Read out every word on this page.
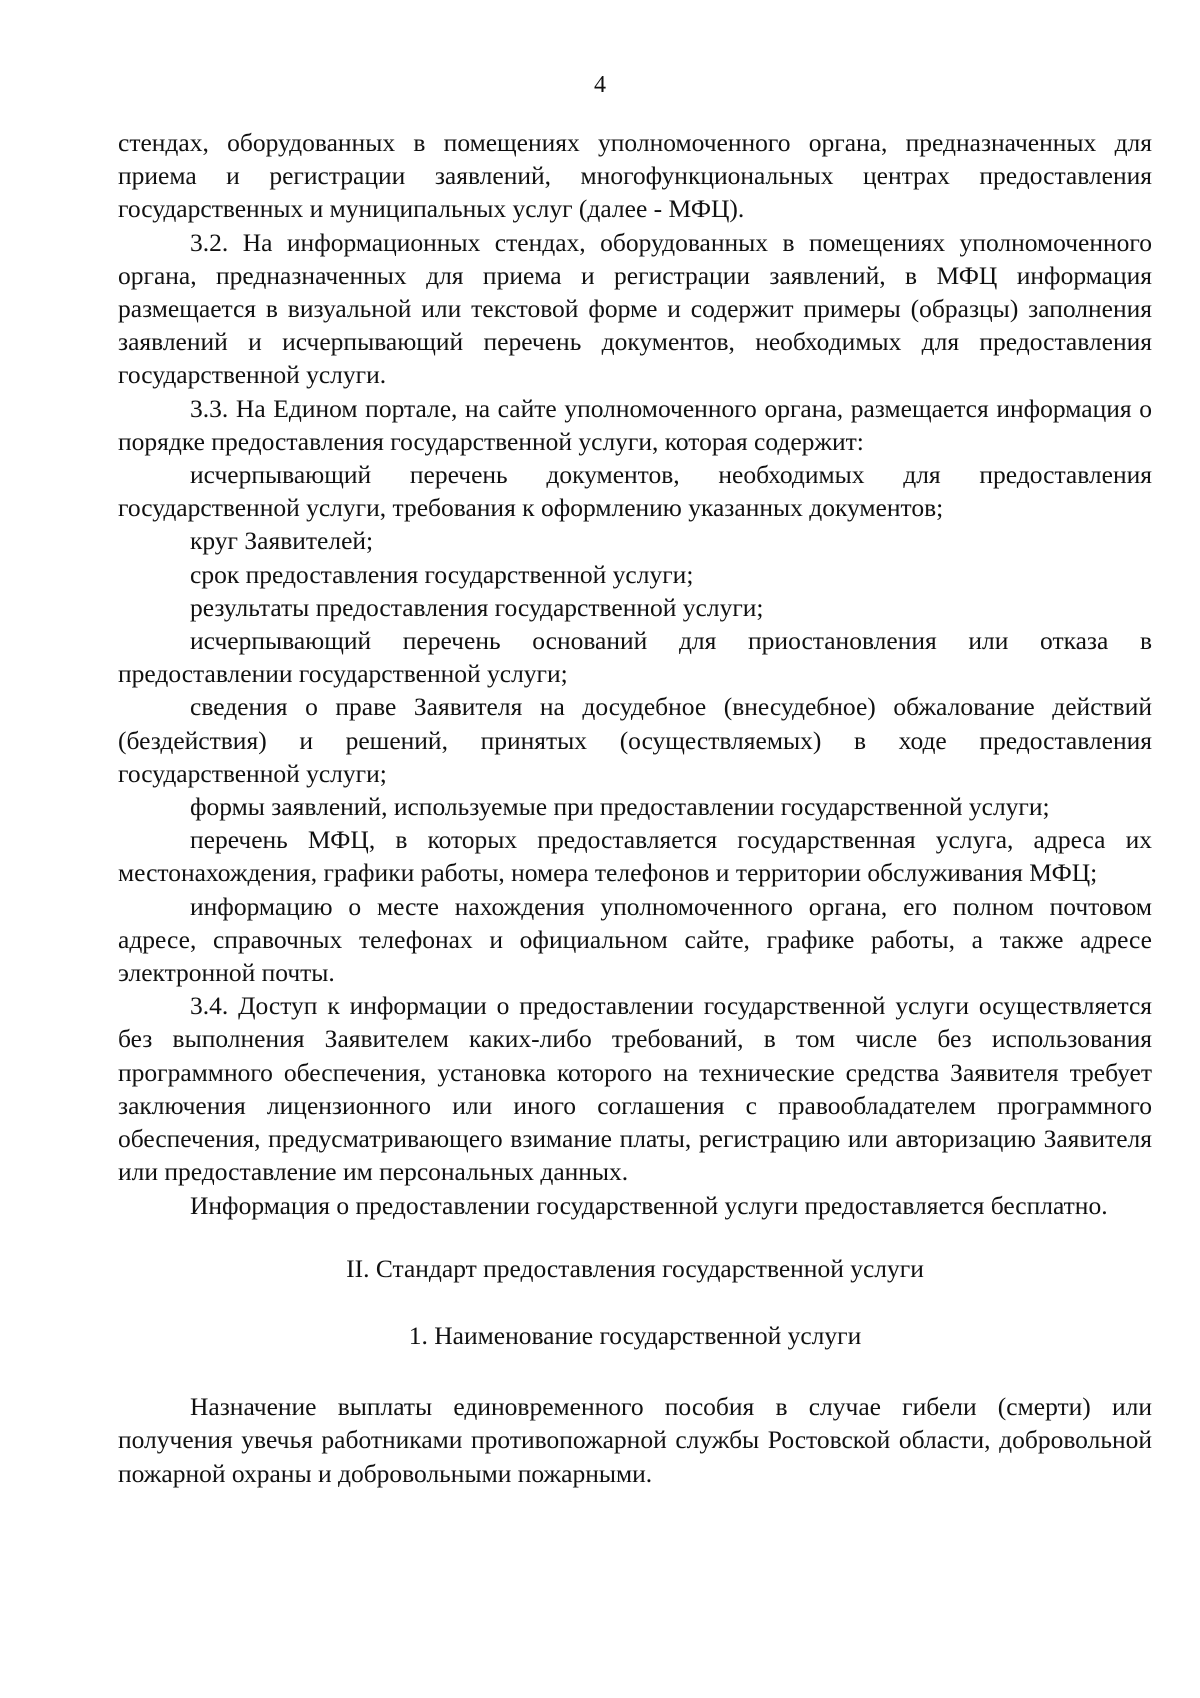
4

стендах, оборудованных в помещениях уполномоченного органа, предназначенных для приема и регистрации заявлений, многофункциональных центрах предоставления государственных и муниципальных услуг (далее - МФЦ).

3.2. На информационных стендах, оборудованных в помещениях уполномоченного органа, предназначенных для приема и регистрации заявлений, в МФЦ информация размещается в визуальной или текстовой форме и содержит примеры (образцы) заполнения заявлений и исчерпывающий перечень документов, необходимых для предоставления государственной услуги.

3.3. На Едином портале, на сайте уполномоченного органа, размещается информация о порядке предоставления государственной услуги, которая содержит:

исчерпывающий перечень документов, необходимых для предоставления государственной услуги, требования к оформлению указанных документов;

круг Заявителей;

срок предоставления государственной услуги;

результаты предоставления государственной услуги;

исчерпывающий перечень оснований для приостановления или отказа в предоставлении государственной услуги;

сведения о праве Заявителя на досудебное (внесудебное) обжалование действий (бездействия) и решений, принятых (осуществляемых) в ходе предоставления государственной услуги;

формы заявлений, используемые при предоставлении государственной услуги;

перечень МФЦ, в которых предоставляется государственная услуга, адреса их местонахождения, графики работы, номера телефонов и территории обслуживания МФЦ;

информацию о месте нахождения уполномоченного органа, его полном почтовом адресе, справочных телефонах и официальном сайте, графике работы, а также адресе электронной почты.

3.4. Доступ к информации о предоставлении государственной услуги осуществляется без выполнения Заявителем каких-либо требований, в том числе без использования программного обеспечения, установка которого на технические средства Заявителя требует заключения лицензионного или иного соглашения с правообладателем программного обеспечения, предусматривающего взимание платы, регистрацию или авторизацию Заявителя или предоставление им персональных данных.

Информация о предоставлении государственной услуги предоставляется бесплатно.

II. Стандарт предоставления государственной услуги

1. Наименование государственной услуги

Назначение выплаты единовременного пособия в случае гибели (смерти) или получения увечья работниками противопожарной службы Ростовской области, добровольной пожарной охраны и добровольными пожарными.
